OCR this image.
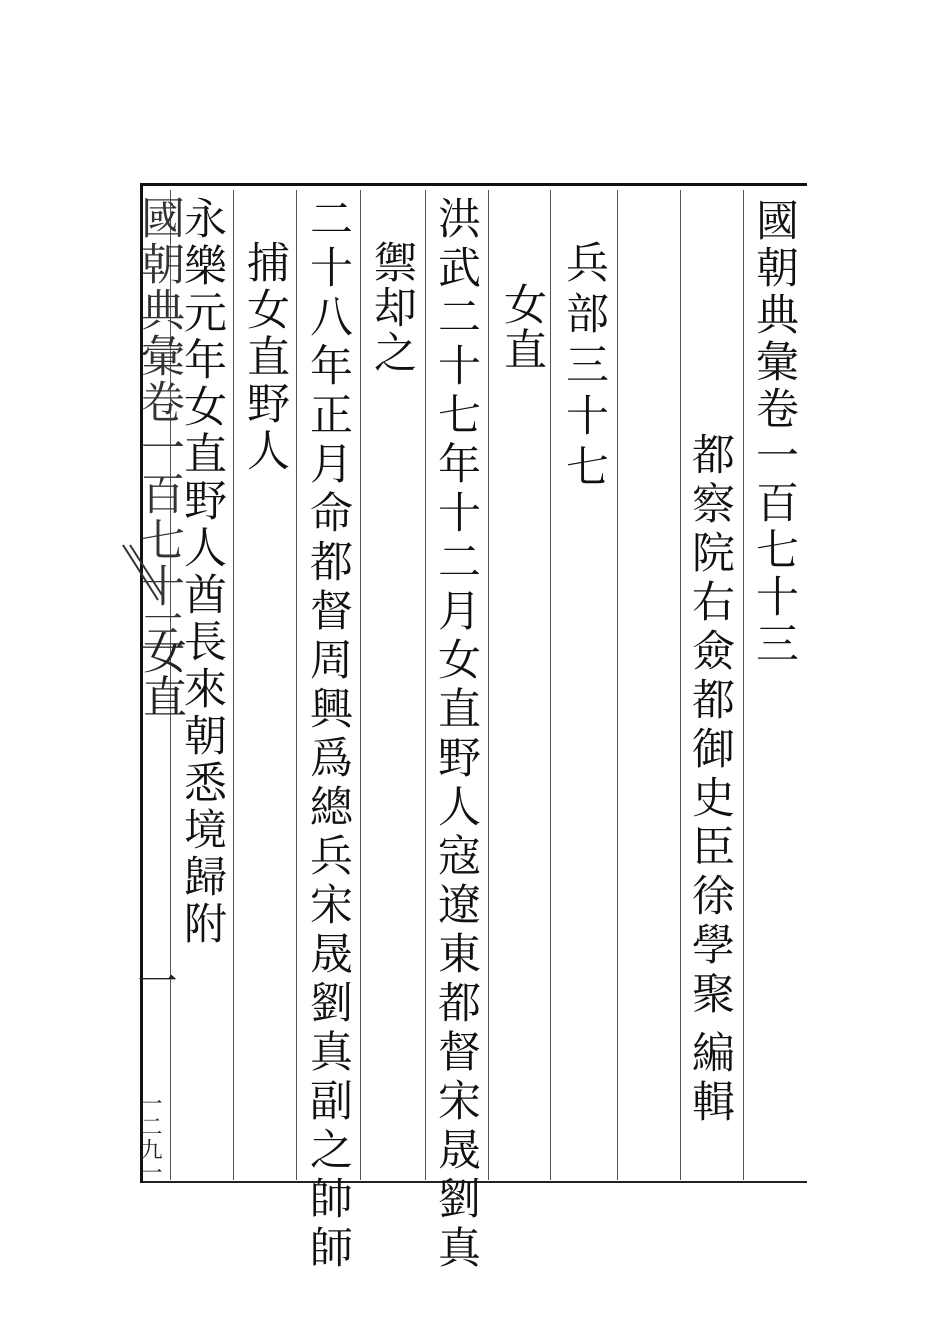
國朝典彙卷一百七十三
都察院右僉都御史臣徐學聚
編輯
兵部三十七
女直
洪武二十七年十二月女直野人寇遼東都督宋晟劉真
禦却之
二十八年正月命都督周興爲總兵宋晟劉真副之帥師
捕女直野人
永樂元年女直野人酋長來朝悉境歸附
國朝典彙卷一百七十三
女直
一
一二九一
